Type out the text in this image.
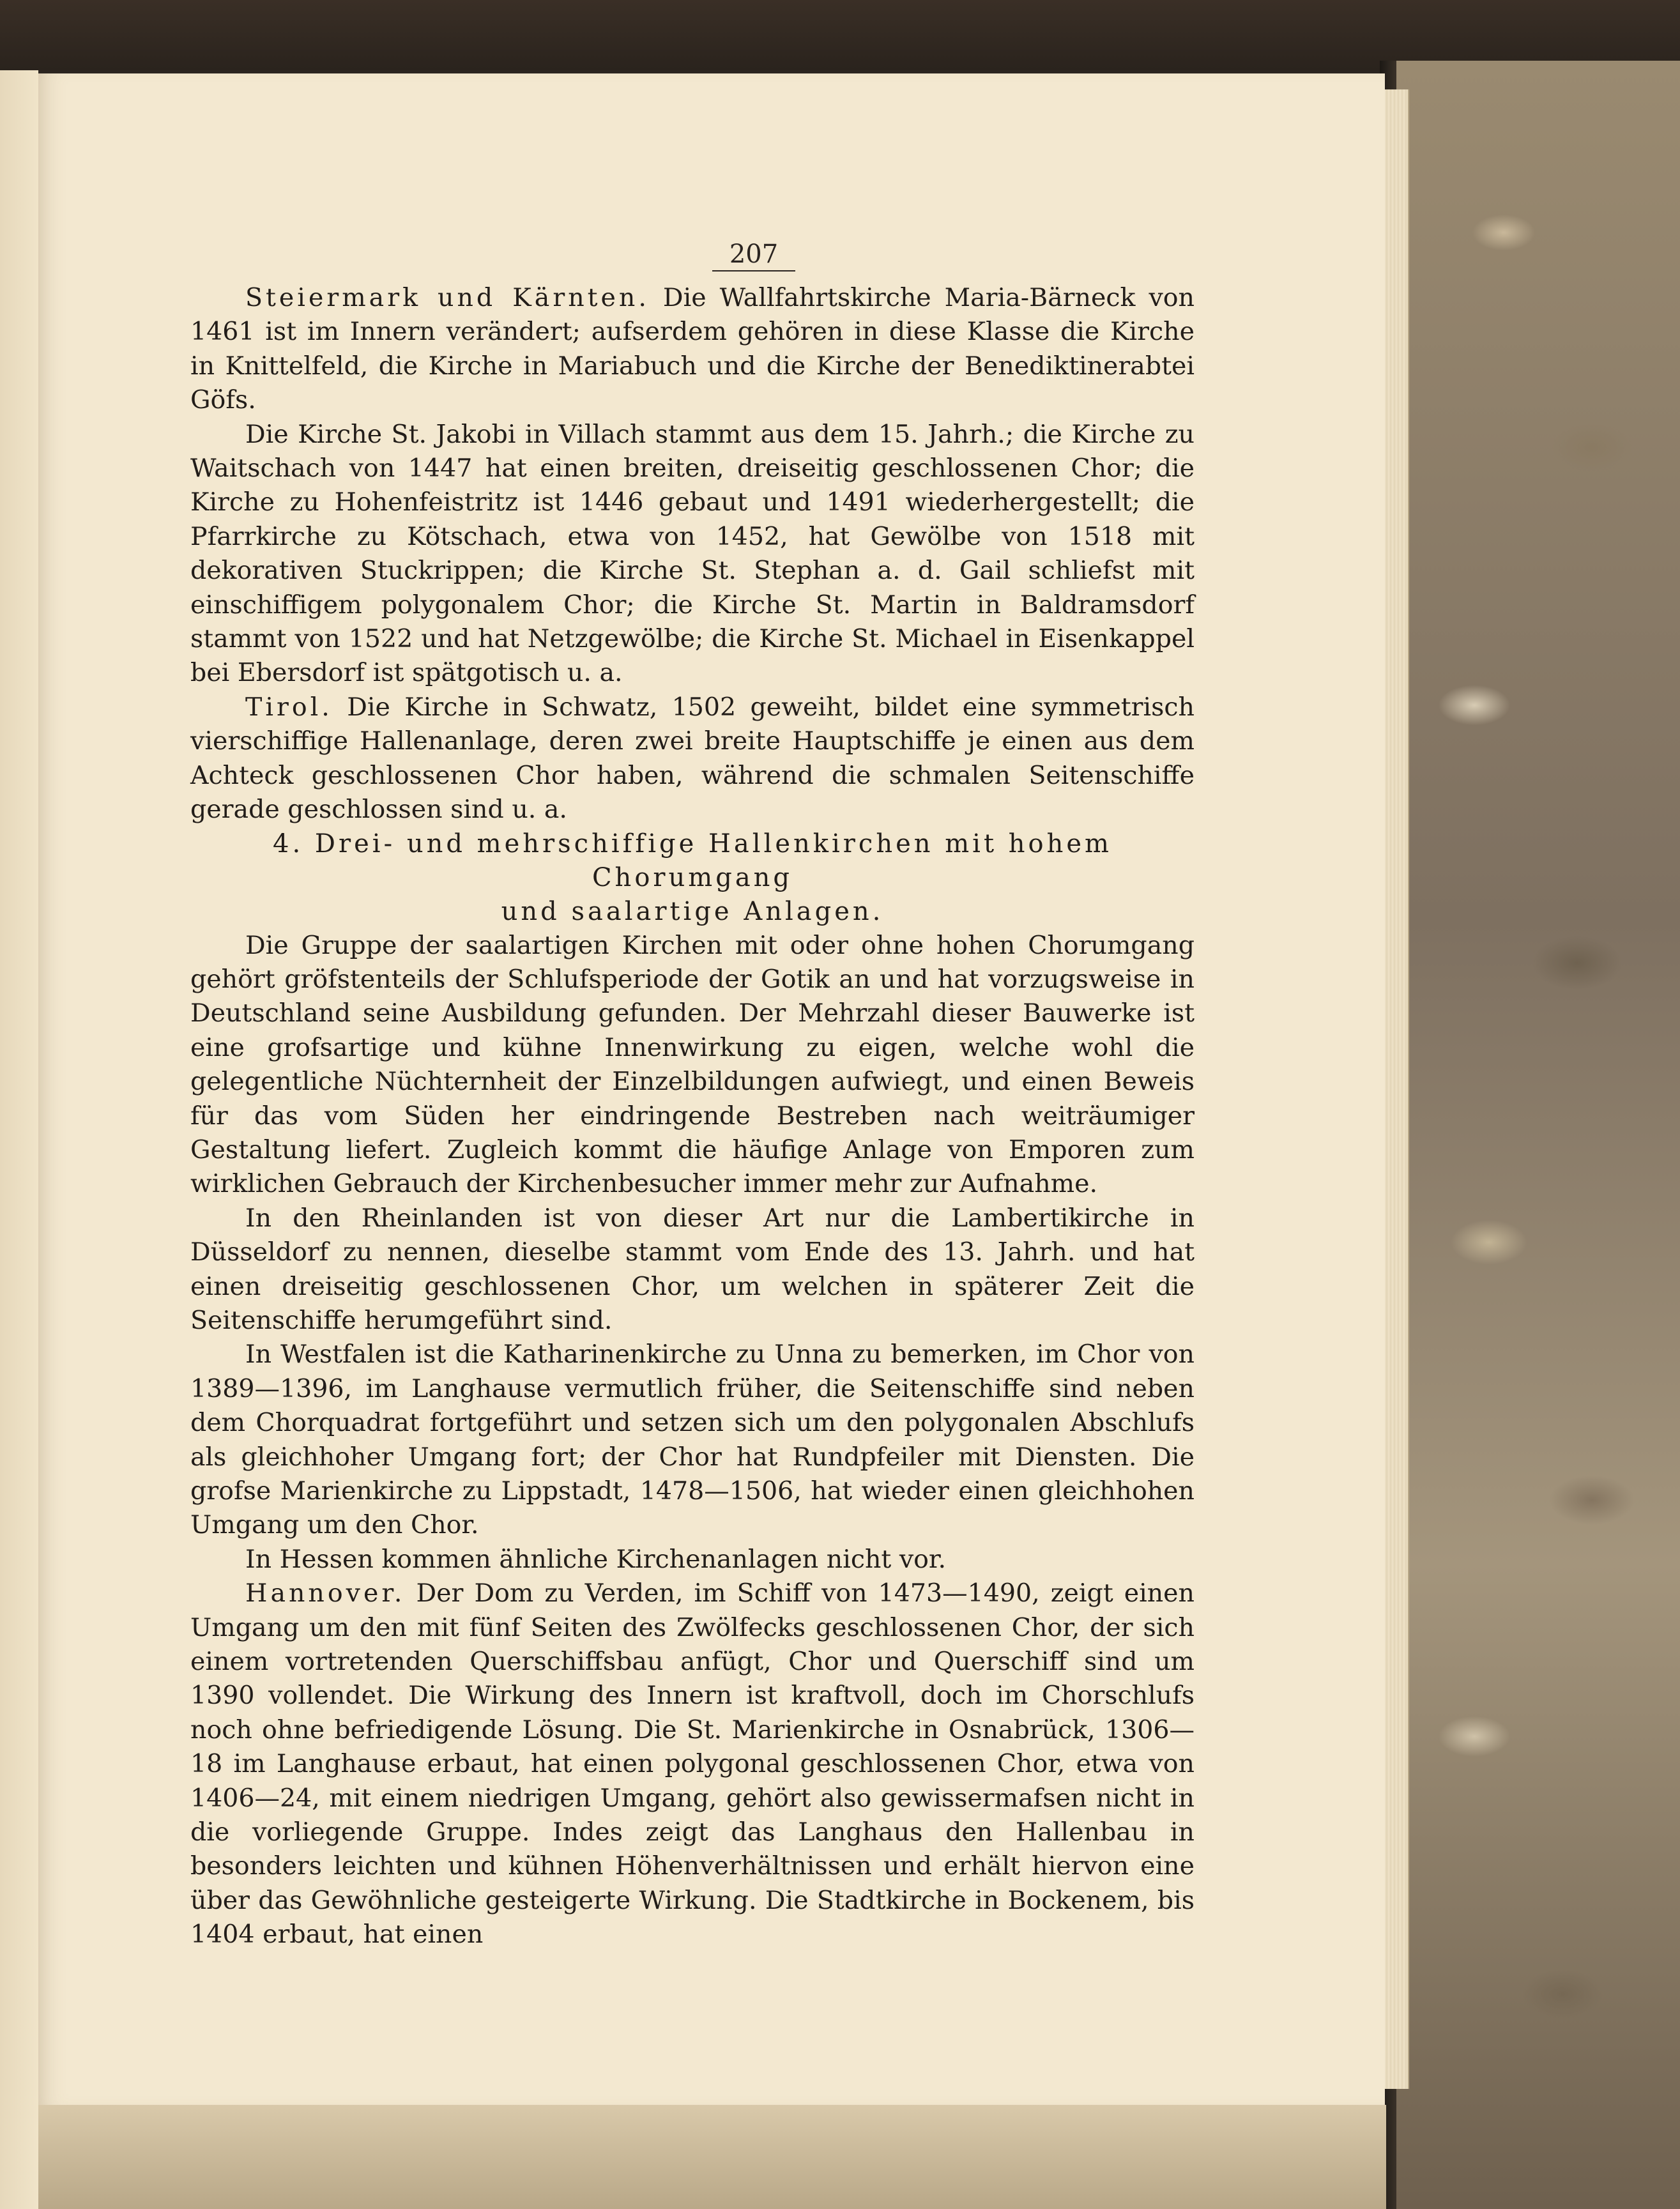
207

Steiermark und Kärnten. Die Wallfahrtskirche Maria-Bärneck von 1461 ist im Innern verändert; aufserdem gehören in diese Klasse die Kirche in Knittelfeld, die Kirche in Mariabuch und die Kirche der Benediktinerabtei Göfs.

Die Kirche St. Jakobi in Villach stammt aus dem 15. Jahrh.; die Kirche zu Waitschach von 1447 hat einen breiten, dreiseitig geschlossenen Chor; die Kirche zu Hohenfeistritz ist 1446 gebaut und 1491 wiederhergestellt; die Pfarrkirche zu Kötschach, etwa von 1452, hat Gewölbe von 1518 mit dekorativen Stuckrippen; die Kirche St. Stephan a. d. Gail schliefst mit einschiffigem polygonalem Chor; die Kirche St. Martin in Baldramsdorf stammt von 1522 und hat Netzgewölbe; die Kirche St. Michael in Eisenkappel bei Ebersdorf ist spätgotisch u. a.

Tirol. Die Kirche in Schwatz, 1502 geweiht, bildet eine symmetrisch vierschiffige Hallenanlage, deren zwei breite Hauptschiffe je einen aus dem Achteck geschlossenen Chor haben, während die schmalen Seitenschiffe gerade geschlossen sind u. a.

4. Drei- und mehrschiffige Hallenkirchen mit hohem Chorumgang
und saalartige Anlagen.

Die Gruppe der saalartigen Kirchen mit oder ohne hohen Chorumgang gehört gröfstenteils der Schlufsperiode der Gotik an und hat vorzugsweise in Deutschland seine Ausbildung gefunden. Der Mehrzahl dieser Bauwerke ist eine grofsartige und kühne Innenwirkung zu eigen, welche wohl die gelegentliche Nüchternheit der Einzelbildungen aufwiegt, und einen Beweis für das vom Süden her eindringende Bestreben nach weiträumiger Gestaltung liefert. Zugleich kommt die häufige Anlage von Emporen zum wirklichen Gebrauch der Kirchenbesucher immer mehr zur Aufnahme.

In den Rheinlanden ist von dieser Art nur die Lambertikirche in Düsseldorf zu nennen, dieselbe stammt vom Ende des 13. Jahrh. und hat einen dreiseitig geschlossenen Chor, um welchen in späterer Zeit die Seitenschiffe herumgeführt sind.

In Westfalen ist die Katharinenkirche zu Unna zu bemerken, im Chor von 1389—1396, im Langhause vermutlich früher, die Seitenschiffe sind neben dem Chorquadrat fortgeführt und setzen sich um den polygonalen Abschlufs als gleichhoher Umgang fort; der Chor hat Rundpfeiler mit Diensten. Die grofse Marienkirche zu Lippstadt, 1478—1506, hat wieder einen gleichhohen Umgang um den Chor.

In Hessen kommen ähnliche Kirchenanlagen nicht vor.

Hannover. Der Dom zu Verden, im Schiff von 1473—1490, zeigt einen Umgang um den mit fünf Seiten des Zwölfecks geschlossenen Chor, der sich einem vortretenden Querschiffsbau anfügt, Chor und Querschiff sind um 1390 vollendet. Die Wirkung des Innern ist kraftvoll, doch im Chorschlufs noch ohne befriedigende Lösung. Die St. Marienkirche in Osnabrück, 1306—18 im Langhause erbaut, hat einen polygonal geschlossenen Chor, etwa von 1406—24, mit einem niedrigen Umgang, gehört also gewissermafsen nicht in die vorliegende Gruppe. Indes zeigt das Langhaus den Hallenbau in besonders leichten und kühnen Höhenverhältnissen und erhält hiervon eine über das Gewöhnliche gesteigerte Wirkung. Die Stadtkirche in Bockenem, bis 1404 erbaut, hat einen
